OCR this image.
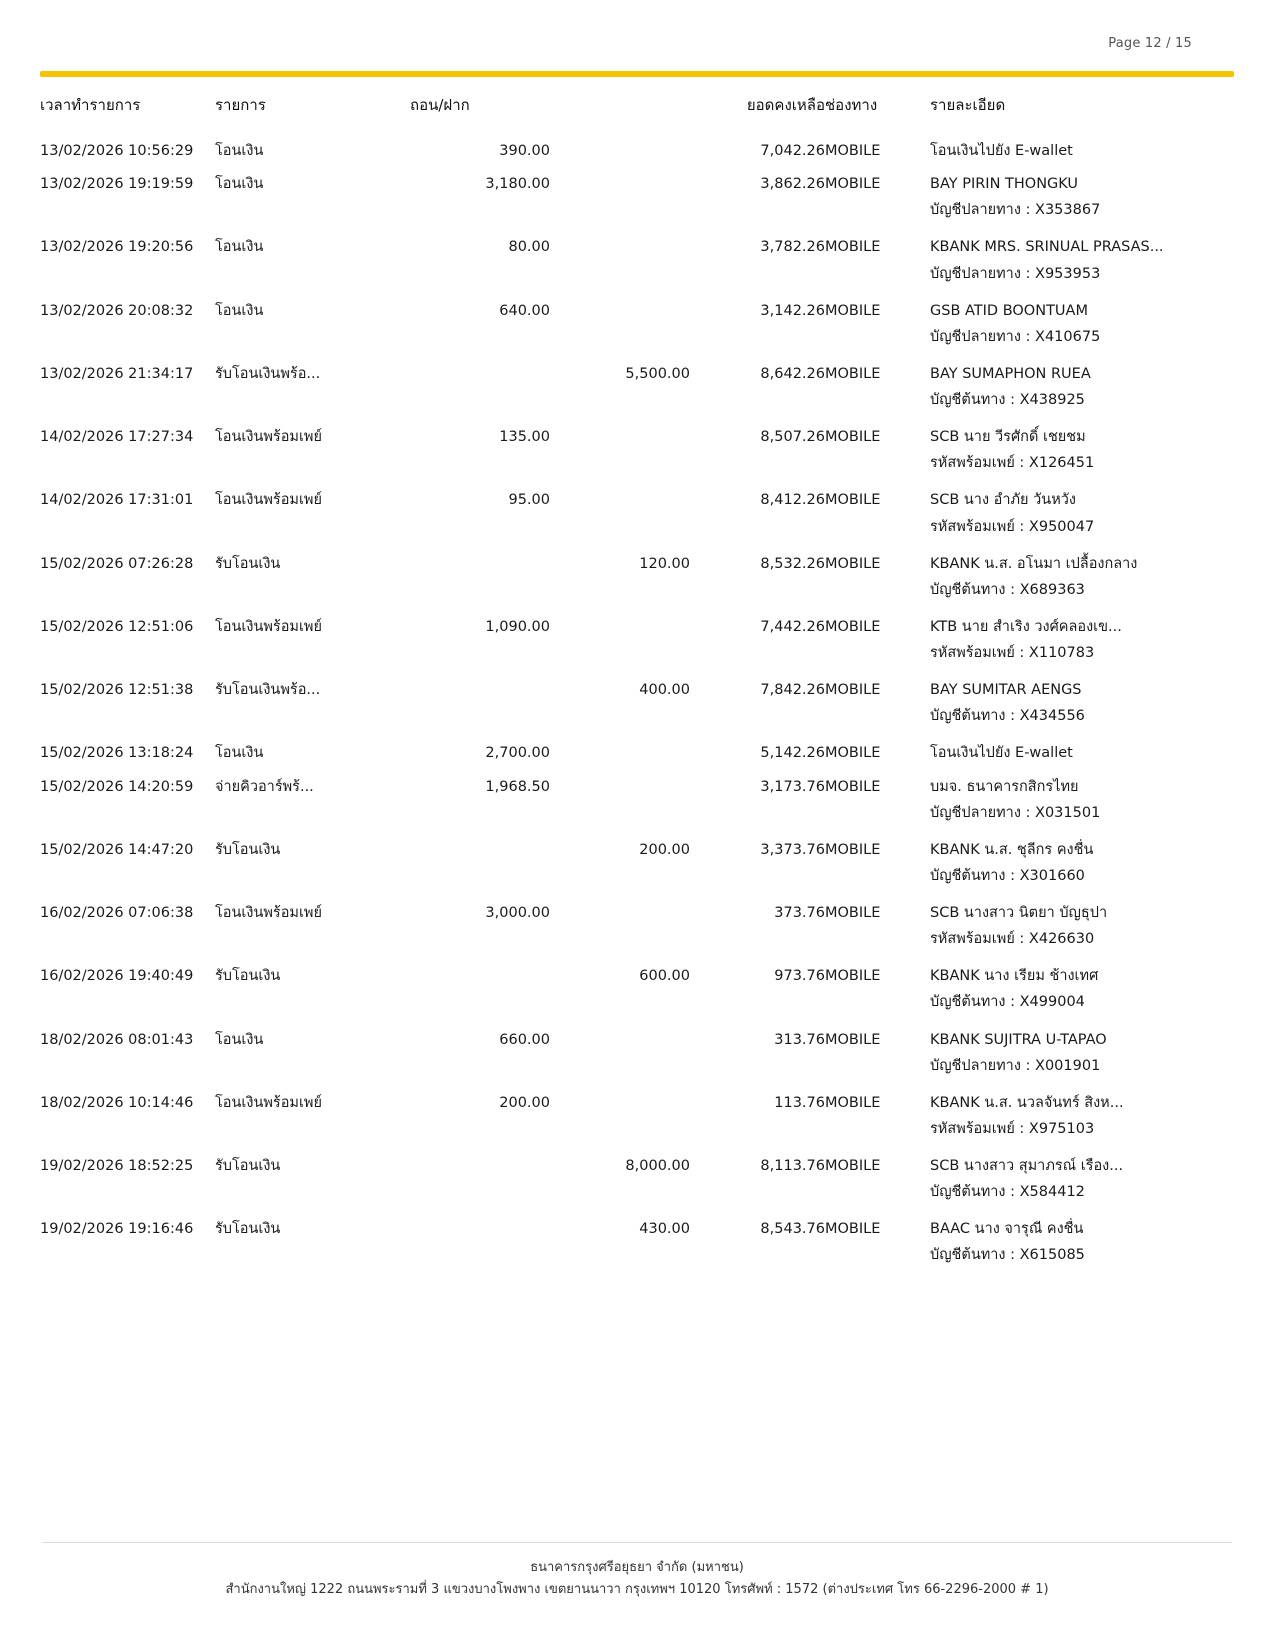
Page 12 / 15
เวลาทำรายการ	รายการ	ถอน/ฝาก		ยอดคงเหลือ	ช่องทาง	รายละเอียด
13/02/2026 10:56:29	โอนเงิน	390.00		7,042.26	MOBILE	โอนเงินไปยัง E-wallet
13/02/2026 19:19:59	โอนเงิน	3,180.00		3,862.26	MOBILE	BAY PIRIN THONGKU
						บัญชีปลายทาง : X353867
13/02/2026 19:20:56	โอนเงิน	80.00		3,782.26	MOBILE	KBANK MRS. SRINUAL PRASAS...
						บัญชีปลายทาง : X953953
13/02/2026 20:08:32	โอนเงิน	640.00		3,142.26	MOBILE	GSB ATID BOONTUAM
						บัญชีปลายทาง : X410675
13/02/2026 21:34:17	รับโอนเงินพร้อ...		5,500.00	8,642.26	MOBILE	BAY SUMAPHON RUEA
						บัญชีต้นทาง : X438925
14/02/2026 17:27:34	โอนเงินพร้อมเพย์	135.00		8,507.26	MOBILE	SCB นาย วีรศักดิ์ เชยชม
						รหัสพร้อมเพย์ : X126451
14/02/2026 17:31:01	โอนเงินพร้อมเพย์	95.00		8,412.26	MOBILE	SCB นาง อำภัย วันหวัง
						รหัสพร้อมเพย์ : X950047
15/02/2026 07:26:28	รับโอนเงิน		120.00	8,532.26	MOBILE	KBANK น.ส. อโนมา เปลื้องกลาง
						บัญชีต้นทาง : X689363
15/02/2026 12:51:06	โอนเงินพร้อมเพย์	1,090.00		7,442.26	MOBILE	KTB นาย สำเริง วงศ์คลองเข...
						รหัสพร้อมเพย์ : X110783
15/02/2026 12:51:38	รับโอนเงินพร้อ...		400.00	7,842.26	MOBILE	BAY SUMITAR AENGS
						บัญชีต้นทาง : X434556
15/02/2026 13:18:24	โอนเงิน	2,700.00		5,142.26	MOBILE	โอนเงินไปยัง E-wallet
15/02/2026 14:20:59	จ่ายคิวอาร์พร้...	1,968.50		3,173.76	MOBILE	บมจ. ธนาคารกสิกรไทย
						บัญชีปลายทาง : X031501
15/02/2026 14:47:20	รับโอนเงิน		200.00	3,373.76	MOBILE	KBANK น.ส. ชุลีกร คงชื่น
						บัญชีต้นทาง : X301660
16/02/2026 07:06:38	โอนเงินพร้อมเพย์	3,000.00		373.76	MOBILE	SCB นางสาว นิตยา บัญธุปา
						รหัสพร้อมเพย์ : X426630
16/02/2026 19:40:49	รับโอนเงิน		600.00	973.76	MOBILE	KBANK นาง เรียม ช้างเทศ
						บัญชีต้นทาง : X499004
18/02/2026 08:01:43	โอนเงิน	660.00		313.76	MOBILE	KBANK SUJITRA U-TAPAO
						บัญชีปลายทาง : X001901
18/02/2026 10:14:46	โอนเงินพร้อมเพย์	200.00		113.76	MOBILE	KBANK น.ส. นวลจันทร์ สิงห...
						รหัสพร้อมเพย์ : X975103
19/02/2026 18:52:25	รับโอนเงิน		8,000.00	8,113.76	MOBILE	SCB นางสาว สุมาภรณ์ เรือง...
						บัญชีต้นทาง : X584412
19/02/2026 19:16:46	รับโอนเงิน		430.00	8,543.76	MOBILE	BAAC นาง จารุณี คงชื่น
						บัญชีต้นทาง : X615085
ธนาคารกรุงศรีอยุธยา จำกัด (มหาชน)
สำนักงานใหญ่ 1222 ถนนพระรามที่ 3 แขวงบางโพงพาง เขตยานนาวา กรุงเทพฯ 10120 โทรศัพท์ : 1572 (ต่างประเทศ โทร 66-2296-2000 # 1)
